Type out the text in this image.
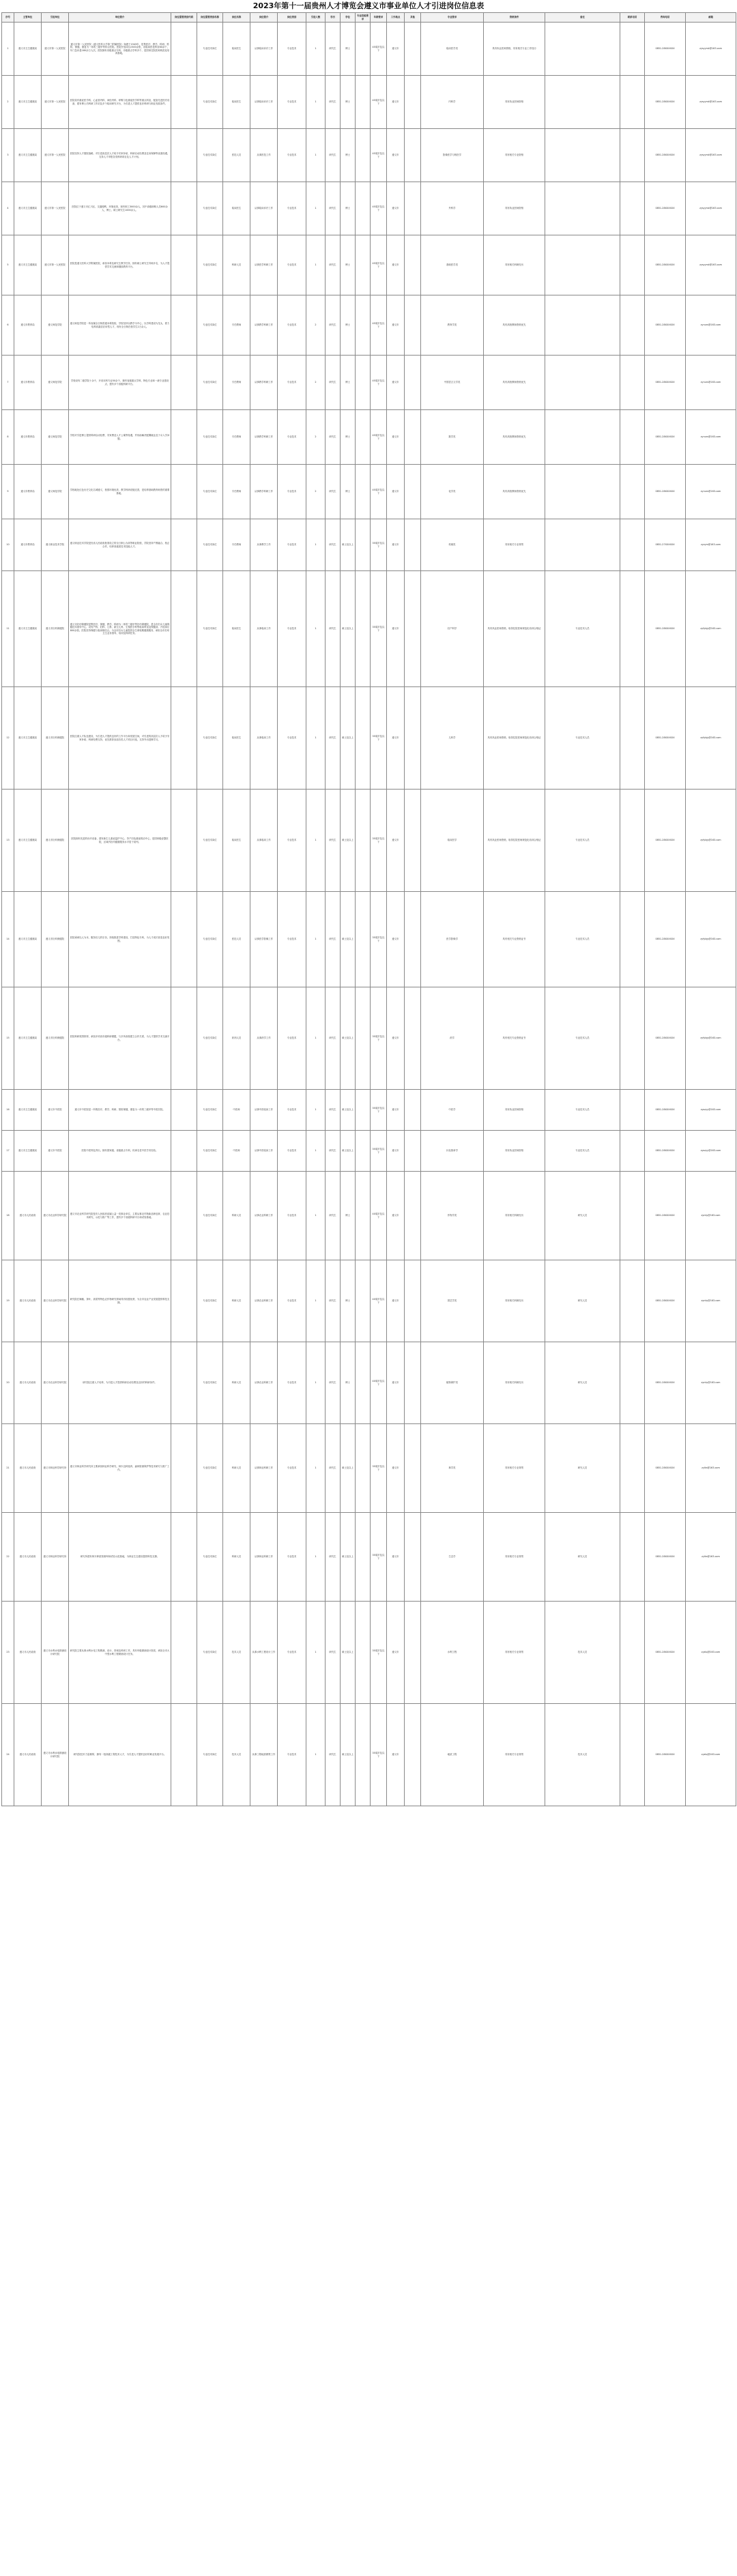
2023年第十一届贵州人才博览会遵义市事业单位人才引进岗位信息表
序号	主管单位	引进单位	单位简介	岗位需要类别代码	岗位需要类别名称	岗位名称	岗位简介	岗位类别	引进人数	学历	学位	专业技能要求	年龄要求	工作地点	其他	专业要求	资格条件	备注	联系电话	咨询电话	邮箱
1	遵义市卫生健康局	遵义市第一人民医院	遵义市第一人民医院（遵义医科大学第三附属医院）始建于1943年，是集医疗、教学、科研、预防、保健、康复为一体的三级甲等综合医院。医院开放床位2300余张，设临床医技科室60余个，年门急诊量180余万人次。医院拥有省级重点专科、市级重点学科多个，是国家住院医师规范化培训基地。		专业技术岗位	临床医生	从事临床诊疗工作	专业技术	1	研究生	博士		45周岁及以下	遵义市		临床医学类	具有执业医师资格，具有相关专业工作经历			0851-28XXXXXX	zysyyrsk@163.com
2	遵义市卫生健康局	遵义市第一人民医院	医院设有重症医学科、心血管内科、神经内科、呼吸与危重症医学科等重点科室，配备先进医疗设备，建有博士后科研工作站及多个临床研究平台，为引进人才提供良好科研与职业发展条件。		专业技术岗位	临床医生	从事临床诊疗工作	专业技术	1	研究生	博士		45周岁及以下	遵义市		内科学	具有执业医师资格			0851-28XXXXXX	zysyyrsk@163.com
3	遵义市卫生健康局	遵义市第一人民医院	医院坚持人才强院战略，对引进高层次人才给予安家补贴、科研启动经费及住房保障等优惠待遇，支持人才申报各类科研项目及人才计划。		专业技术岗位	医技人员	从事医技工作	专业技术	1	研究生	博士		45周岁及以下	遵义市		影像医学与核医学	具有相关专业资格			0851-28XXXXXX	zysyyrsk@163.com
4	遵义市卫生健康局	遵义市第一人民医院	医院位于遵义市汇川区，交通便利，环境优美，现有职工3000余人，其中高级职称人员600余人，博士、硕士研究生1000余人。		专业技术岗位	临床医生	从事临床诊疗工作	专业技术	1	研究生	博士		45周岁及以下	遵义市		外科学	具有执业医师资格			0851-28XXXXXX	zysyyrsk@163.com
5	遵义市卫生健康局	遵义市第一人民医院	医院是遵义医科大学附属医院，承担本科及研究生教学任务，拥有硕士研究生导师多名，为人才提供学术交流和继续教育平台。		专业技术岗位	科研人员	从事医学科研工作	专业技术	1	研究生	博士		45周岁及以下	遵义市		基础医学类	具有相关科研经历			0851-28XXXXXX	zysyyrsk@163.com
6	遵义市教育局	遵义师范学院	遵义师范学院是一所省属全日制普通本科院校，学校坚持以教学为中心，以学科建设为龙头，着力培养高素质应用型人才，现有全日制在校学生2万余人。		专业技术岗位	专任教师	从事教学科研工作	专业技术	2	研究生	博士		45周岁及以下	遵义市		教育学类	具有高校教师资格优先			0851-28XXXXXX	zynurs@163.com
7	遵义市教育局	遵义师范学院	学校设有二级学院十余个，开设本科专业50余个，拥有省级重点学科、特色专业和一流专业建设点，建有多个省级科研平台。		专业技术岗位	专任教师	从事教学科研工作	专业技术	2	研究生	博士		45周岁及以下	遵义市		中国语言文学类	具有高校教师资格优先			0851-28XXXXXX	zynurs@163.com
8	遵义市教育局	遵义师范学院	学校对引进博士提供科研启动经费、安家费及人才公寓等待遇，并协助解决配偶就业及子女入学问题。		专业技术岗位	专任教师	从事教学科研工作	专业技术	2	研究生	博士		45周岁及以下	遵义市		数学类	具有高校教师资格优先			0851-28XXXXXX	zynurs@163.com
9	遵义市教育局	遵义师范学院	学校地处红色历史文化名城遵义，校园环境优美，教学科研设施完善，是培养基础教育师资的重要基地。		专业技术岗位	专任教师	从事教学科研工作	专业技术	2	研究生	博士		45周岁及以下	遵义市		化学类	具有高校教师资格优先			0851-28XXXXXX	zynurs@163.com
10	遵义市教育局	遵义职业技术学院	遵义职业技术学院是经省人民政府批准设立的全日制公办高等职业院校，学院坚持产教融合、校企合作，培养高素质技术技能人才。		专业技术岗位	专任教师	从事教学工作	专业技术	1	研究生	硕士及以上		35周岁及以下	遵义市		机械类	具有相关专业背景			0851-27XXXXXX	zyzyrs@163.com
11	遵义市卫生健康局	遵义市妇幼保健院	遵义市妇幼保健院是集医疗、保健、教学、科研为一体的三级甲等妇幼保健院，是全市妇女儿童保健技术指导中心，设有产科、妇科、儿科、新生儿科、生殖医学科等临床科室及保健部，开放床位800余张。医院坚持保健与临床相结合，为全市妇女儿童提供全生命周期健康服务，承担全市妇幼卫生业务指导、培训及科研任务。		专业技术岗位	临床医生	从事临床工作	专业技术	1	研究生	硕士及以上		35周岁及以下	遵义市		妇产科学	具有执业医师资格，取得住院医师规范化培训合格证	专业技术人员		0851-28XXXXXX	zyfybjy@163.com
12	遵义市卫生健康局	遵义市妇幼保健院	医院注重人才队伍建设，为引进人才提供良好的工作平台和发展空间，对引进的高层次人才给予安家补贴、科研经费支持，优先推荐参加各类人才项目评选，支持外出进修学习。		专业技术岗位	临床医生	从事临床工作	专业技术	1	研究生	硕士及以上		35周岁及以下	遵义市		儿科学	具有执业医师资格，取得住院医师规范化培训合格证	专业技术人员		0851-28XXXXXX	zyfybjy@163.com
13	遵义市卫生健康局	遵义市妇幼保健院	医院拥有先进的诊疗设备，建有新生儿重症监护中心、孕产妇危重症救治中心，是国家级爱婴医院，区域内妇幼健康服务水平居于前列。		专业技术岗位	临床医生	从事临床工作	专业技术	1	研究生	硕士及以上		35周岁及以下	遵义市		临床医学	具有执业医师资格，取得住院医师规范化培训合格证	专业技术人员		0851-28XXXXXX	zyfybjy@163.com
14	遵义市卫生健康局	遵义市妇幼保健院	医院秉承以人为本、服务妇儿的宗旨，持续推进学科建设，打造特色专科，为人才成长营造良好氛围。		专业技术岗位	医技人员	从事医学影像工作	专业技术	1	研究生	硕士及以上		35周岁及以下	遵义市		医学影像学	具有相关专业资格证书	专业技术人员		0851-28XXXXXX	zyfybjy@163.com
15	遵义市卫生健康局	遵义市妇幼保健院	医院科研氛围浓厚，承担多项省市级科研课题，与多所高校建立合作关系，为人才提供学术交流平台。		专业技术岗位	药剂人员	从事药学工作	专业技术	1	研究生	硕士及以上		35周岁及以下	遵义市		药学	具有相关专业资格证书	专业技术人员		0851-28XXXXXX	zyfybjy@163.com
16	遵义市卫生健康局	遵义市中医院	遵义市中医院是一所集医疗、教学、科研、预防保健、康复为一体的三级甲等中医医院。		专业技术岗位	中医师	从事中医临床工作	专业技术	1	研究生	硕士及以上		35周岁及以下	遵义市		中医学	具有执业医师资格	专业技术人员		0851-28XXXXXX	zyszyy@163.com
17	遵义市卫生健康局	遵义市中医院	医院中医特色突出，拥有国家级、省级重点专科，传承名老中医学术经验。		专业技术岗位	中医师	从事中医临床工作	专业技术	1	研究生	硕士及以上		35周岁及以下	遵义市		针灸推拿学	具有执业医师资格	专业技术人员		0851-28XXXXXX	zyszyy@163.com
18	遵义市人民政府	遵义市农业科学研究院	遵义市农业科学研究院是市人民政府直属公益一类事业单位，主要从事农作物新品种选育、农业技术研究、示范与推广等工作，建有多个省级科研平台和试验基地。		专业技术岗位	科研人员	从事农业科研工作	专业技术	1	研究生	博士		40周岁及以下	遵义市		作物学类	具有相关科研经历	研究人员		0851-28XXXXXX	zynky@163.com
19	遵义市人民政府	遵义市农业科学研究院	研究院在辣椒、茶叶、高粱等特色农作物研究领域具有较强优势，为全市农业产业发展提供科技支撑。		专业技术岗位	科研人员	从事农业科研工作	专业技术	1	研究生	博士		40周岁及以下	遵义市		园艺学类	具有相关科研经历	研究人员		0851-28XXXXXX	zynky@163.com
20	遵义市人民政府	遵义市农业科学研究院	研究院注重人才培养，为引进人才提供科研启动经费及良好的科研条件。		专业技术岗位	科研人员	从事农业科研工作	专业技术	1	研究生	博士		40周岁及以下	遵义市		植物保护类	具有相关科研经历	研究人员		0851-28XXXXXX	zynky@163.com
21	遵义市人民政府	遵义市林业科学研究所	遵义市林业科学研究所主要承担林业科学研究、林木良种选育、森林资源保护等技术研究与推广工作。		专业技术岗位	科研人员	从事林业科研工作	专业技术	1	研究生	硕士及以上		35周岁及以下	遵义市		林学类	具有相关专业背景	研究人员		0851-28XXXXXX	zylks@163.com
22	遵义市人民政府	遵义市林业科学研究所	研究所建有林木种质资源库和试验示范基地，为林业生态建设提供科技支撑。		专业技术岗位	科研人员	从事林业科研工作	专业技术	1	研究生	硕士及以上		35周岁及以下	遵义市		生态学	具有相关专业背景	研究人员		0851-28XXXXXX	zylks@163.com
23	遵义市人民政府	遵义市水利水电勘测设计研究院	研究院主要从事水利水电工程勘测、设计、咨询及科研工作，具有甲级勘测设计资质，承担全市大中型水利工程勘测设计任务。		专业技术岗位	技术人员	从事水利工程设计工作	专业技术	1	研究生	硕士及以上		35周岁及以下	遵义市		水利工程	具有相关专业背景	技术人员		0851-28XXXXXX	zyslsj@163.com
24	遵义市人民政府	遵义市水利水电勘测设计研究院	研究院技术力量雄厚，拥有一批高级工程技术人才，为引进人才提供良好的职业发展平台。		专业技术岗位	技术人员	从事工程地质勘察工作	专业技术	1	研究生	硕士及以上		35周岁及以下	遵义市		地质工程	具有相关专业背景	技术人员		0851-28XXXXXX	zyslsj@163.com
